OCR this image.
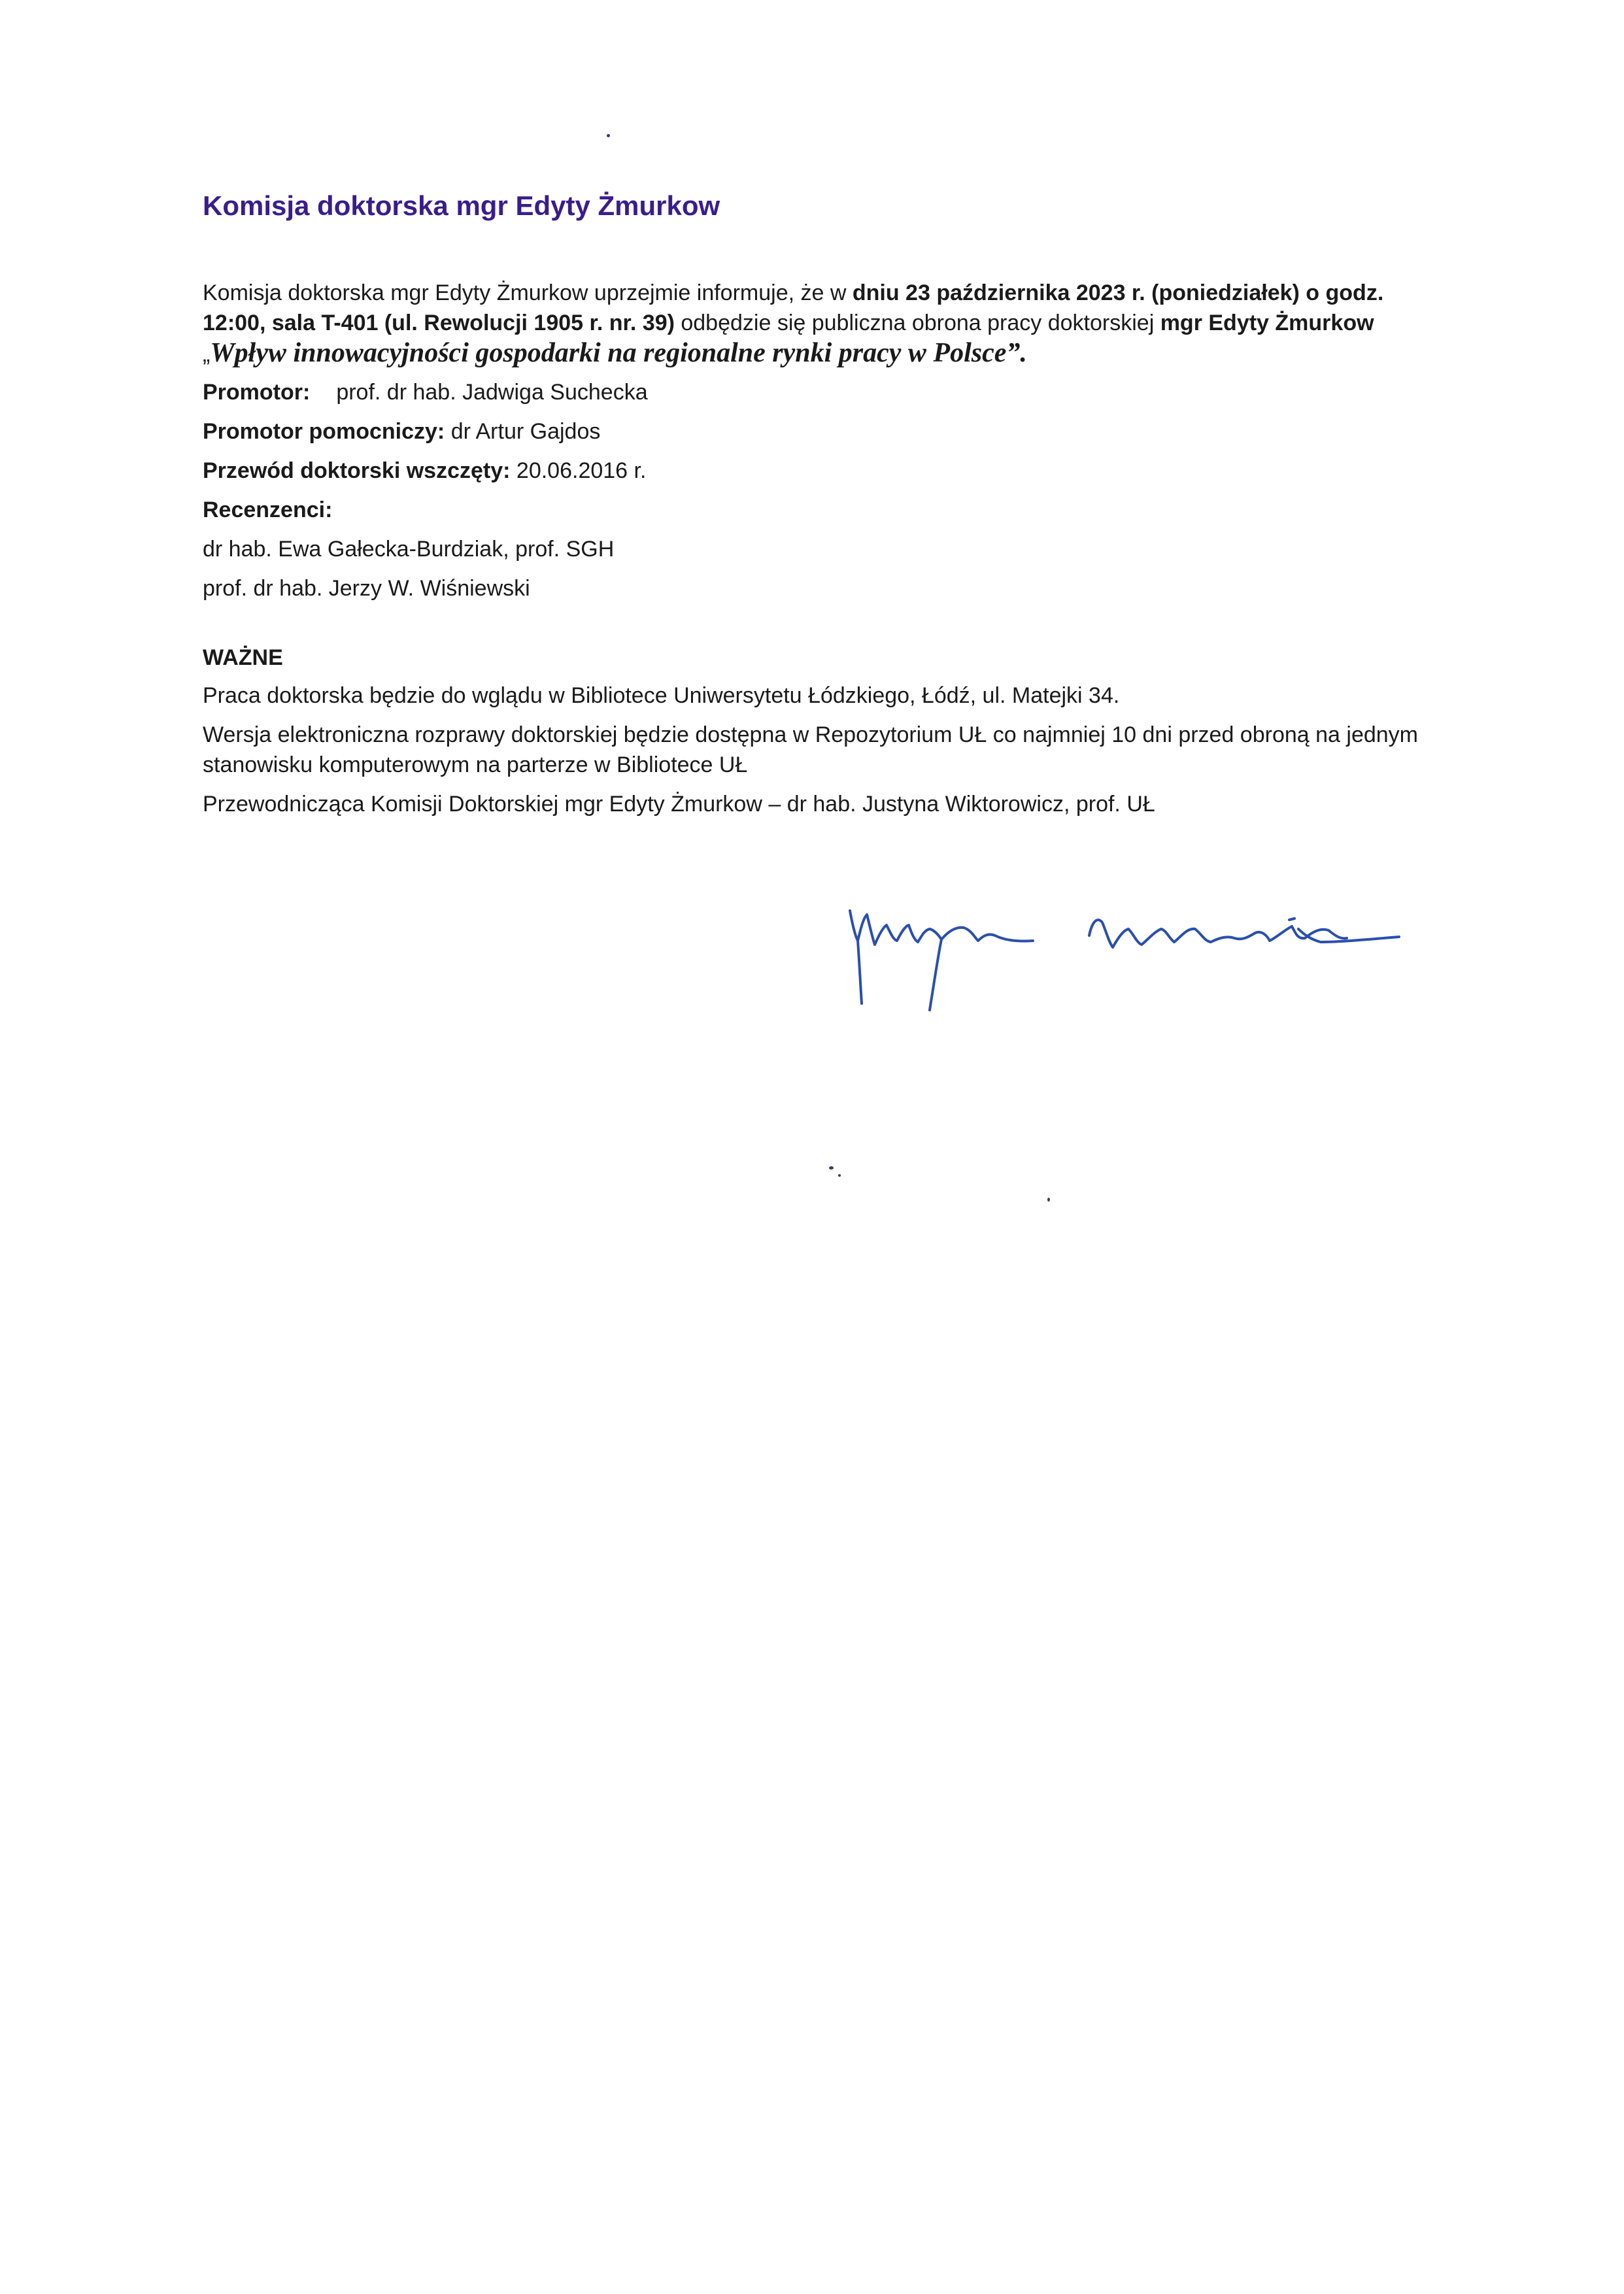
Komisja doktorska mgr Edyty Żmurkow

Komisja doktorska mgr Edyty Żmurkow uprzejmie informuje, że w dniu 23 października 2023 r. (poniedziałek) o godz. 12:00, sala T-401 (ul. Rewolucji 1905 r. nr. 39) odbędzie się publiczna obrona pracy doktorskiej mgr Edyty Żmurkow „Wpływ innowacyjności gospodarki na regionalne rynki pracy w Polsce”.

Promotor: prof. dr hab. Jadwiga Suchecka

Promotor pomocniczy: dr Artur Gajdos

Przewód doktorski wszczęty: 20.06.2016 r.

Recenzenci:

dr hab. Ewa Gałecka-Burdziak, prof. SGH

prof. dr hab. Jerzy W. Wiśniewski

WAŻNE

Praca doktorska będzie do wglądu w Bibliotece Uniwersytetu Łódzkiego, Łódź, ul. Matejki 34.

Wersja elektroniczna rozprawy doktorskiej będzie dostępna w Repozytorium UŁ co najmniej 10 dni przed obroną na jednym stanowisku komputerowym na parterze w Bibliotece UŁ

Przewodnicząca Komisji Doktorskiej mgr Edyty Żmurkow – dr hab. Justyna Wiktorowicz, prof. UŁ
